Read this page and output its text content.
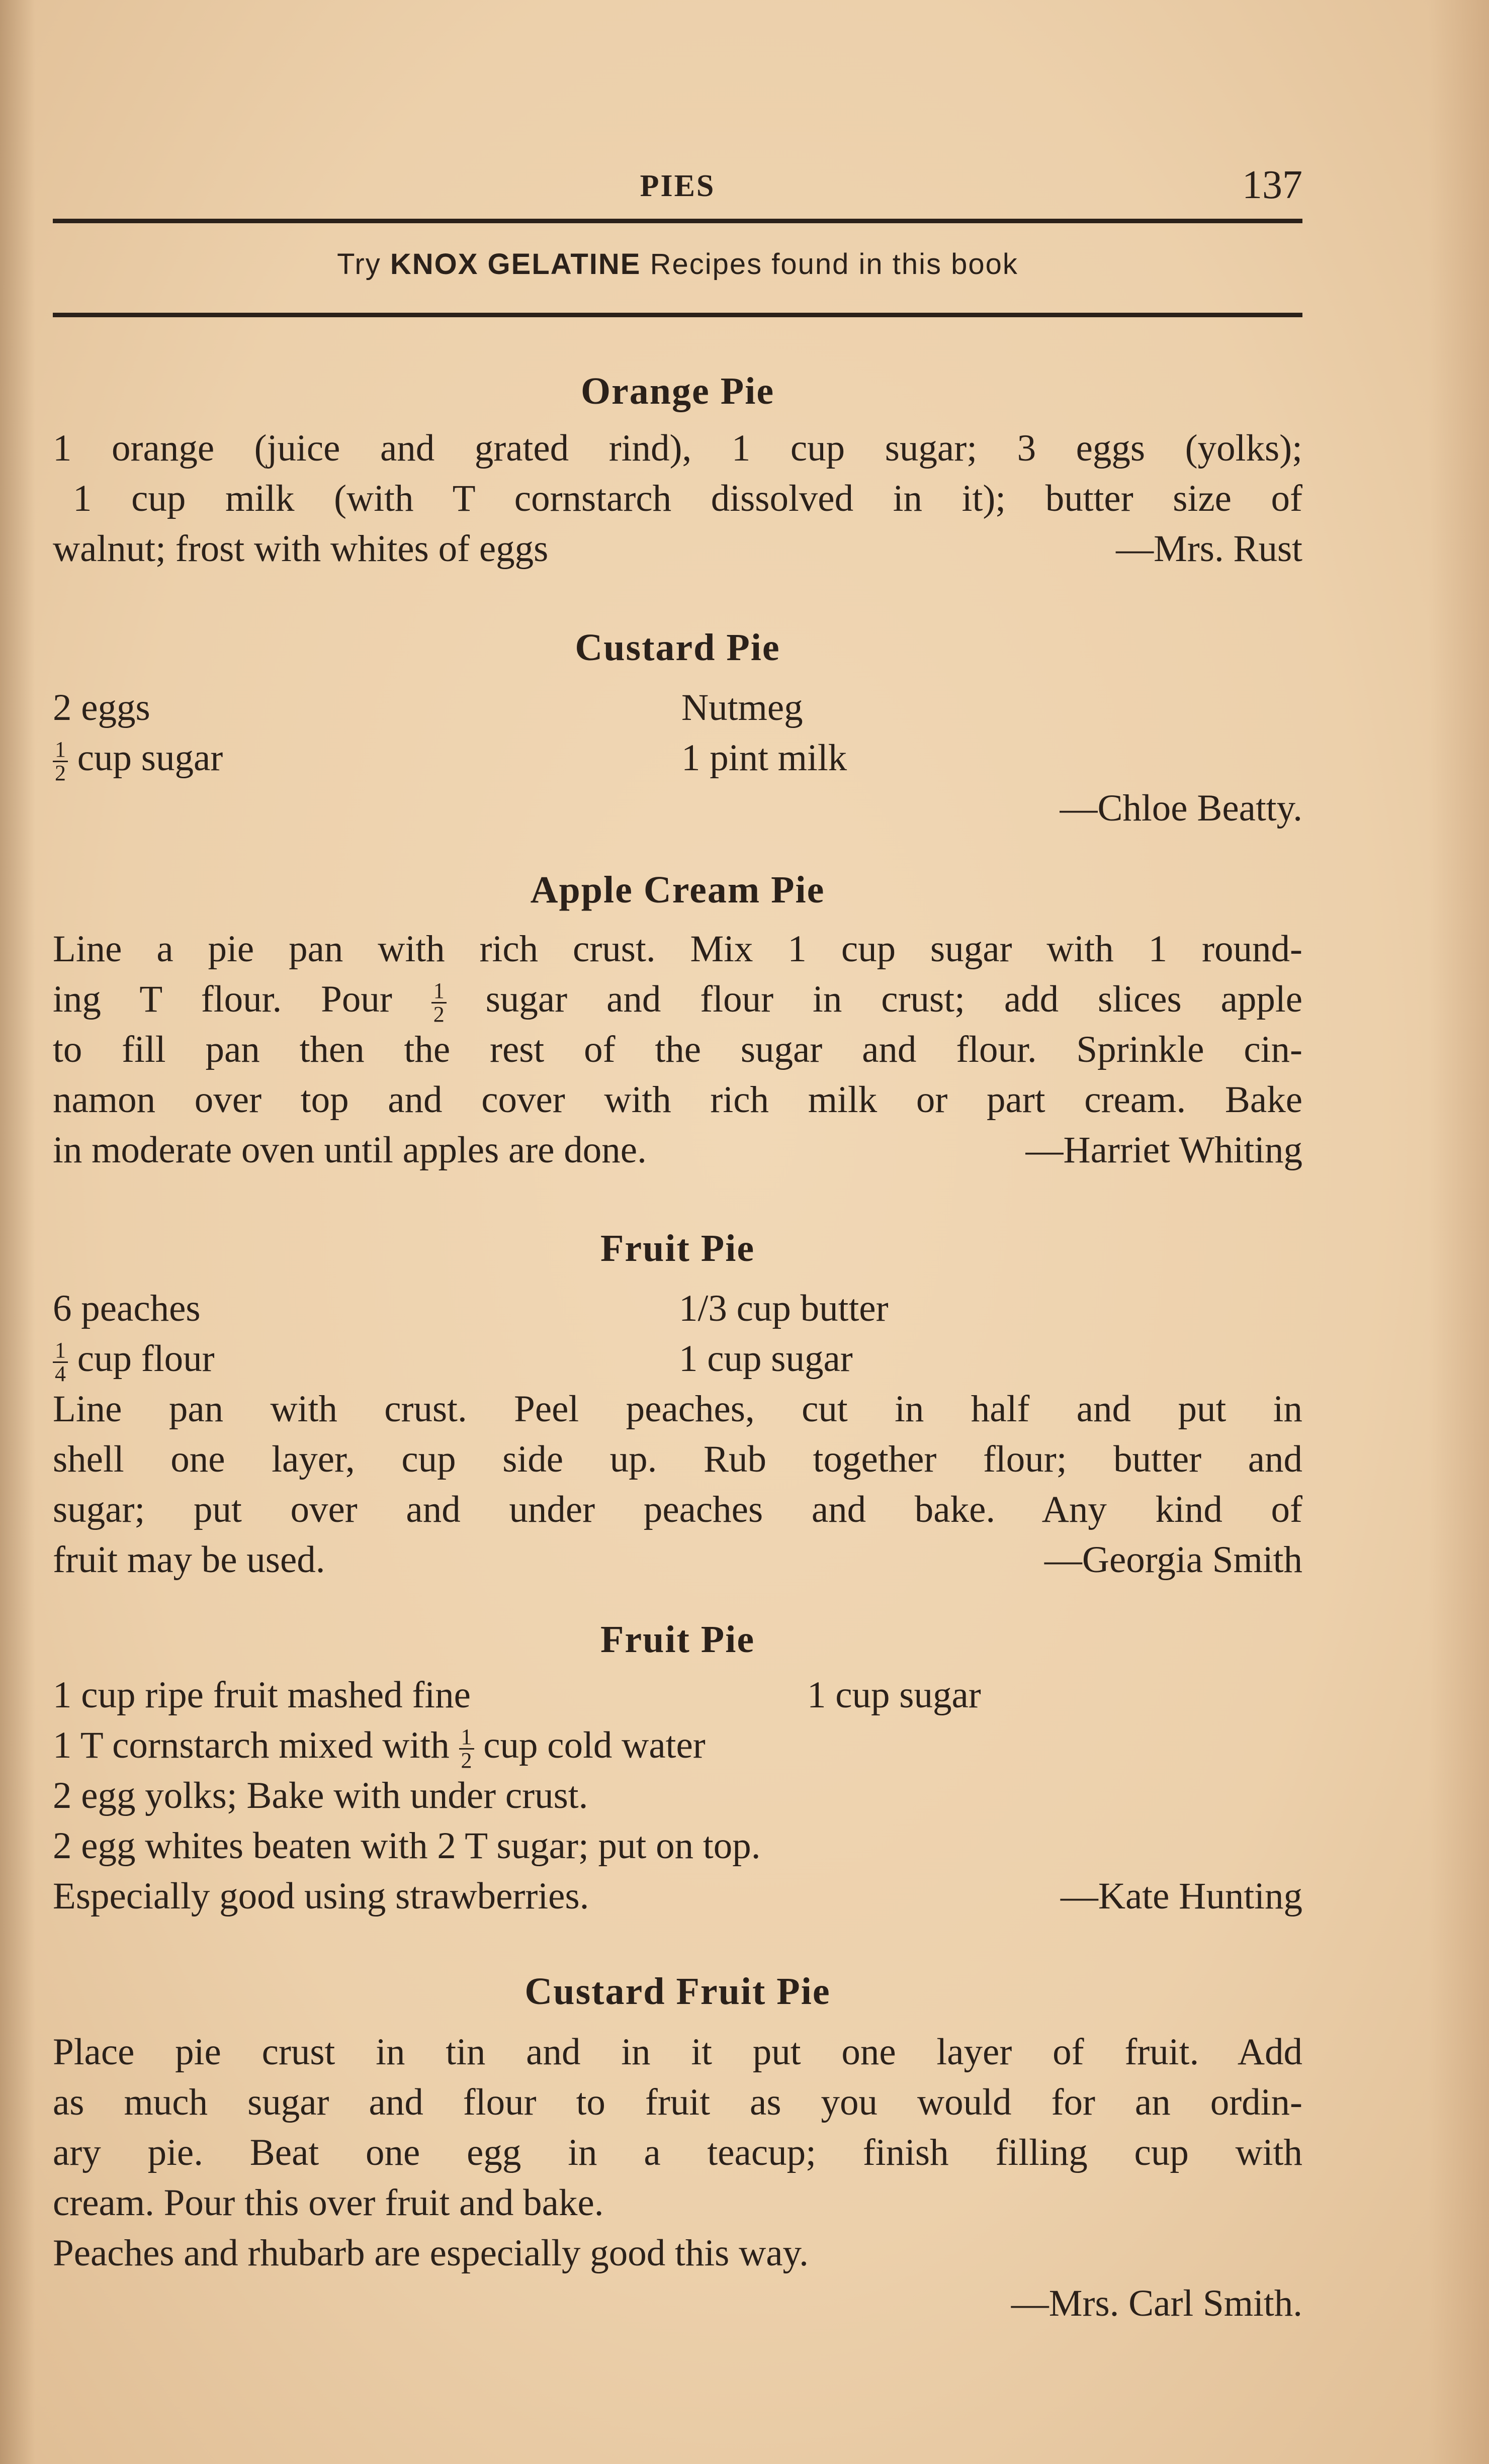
PIES	137
Try KNOX GELATINE Recipes found in this book
Orange Pie

1 orange (juice and grated rind), 1 cup sugar; 3 eggs (yolks);

1 cup milk (with T cornstarch dissolved in it); butter size of

walnut; frost with whites of eggs	—Mrs. Rust
Custard Pie
2 eggs	Nutmeg
$\frac{1}{2}$ cup sugar	1 pint milk
—Chloe Beatty.
Apple Cream Pie

Line a pie pan with rich crust. Mix 1 cup sugar with 1 round-

ing T flour. Pour $\frac{1}{2}$ sugar and flour in crust; add slices apple

to fill pan then the rest of the sugar and flour. Sprinkle cin-

namon over top and cover with rich milk or part cream. Bake

in moderate oven until apples are done.	—Harriet Whiting
Fruit Pie
6 peaches	1/3 cup butter
$\frac{1}{4}$ cup flour	1 cup sugar

Line pan with crust. Peel peaches, cut in half and put in

shell one layer, cup side up. Rub together flour; butter and

sugar; put over and under peaches and bake. Any kind of

fruit may be used.	—Georgia Smith
Fruit Pie
1 cup ripe fruit mashed fine	1 cup sugar
1 T cornstarch mixed with $\frac{1}{2}$ cup cold water
2 egg yolks; Bake with under crust.
2 egg whites beaten with 2 T sugar; put on top.
Especially good using strawberries.	—Kate Hunting
Custard Fruit Pie

Place pie crust in tin and in it put one layer of fruit. Add

as much sugar and flour to fruit as you would for an ordin-

ary pie. Beat one egg in a teacup; finish filling cup with

cream. Pour this over fruit and bake.
Peaches and rhubarb are especially good this way.
—Mrs. Carl Smith.
